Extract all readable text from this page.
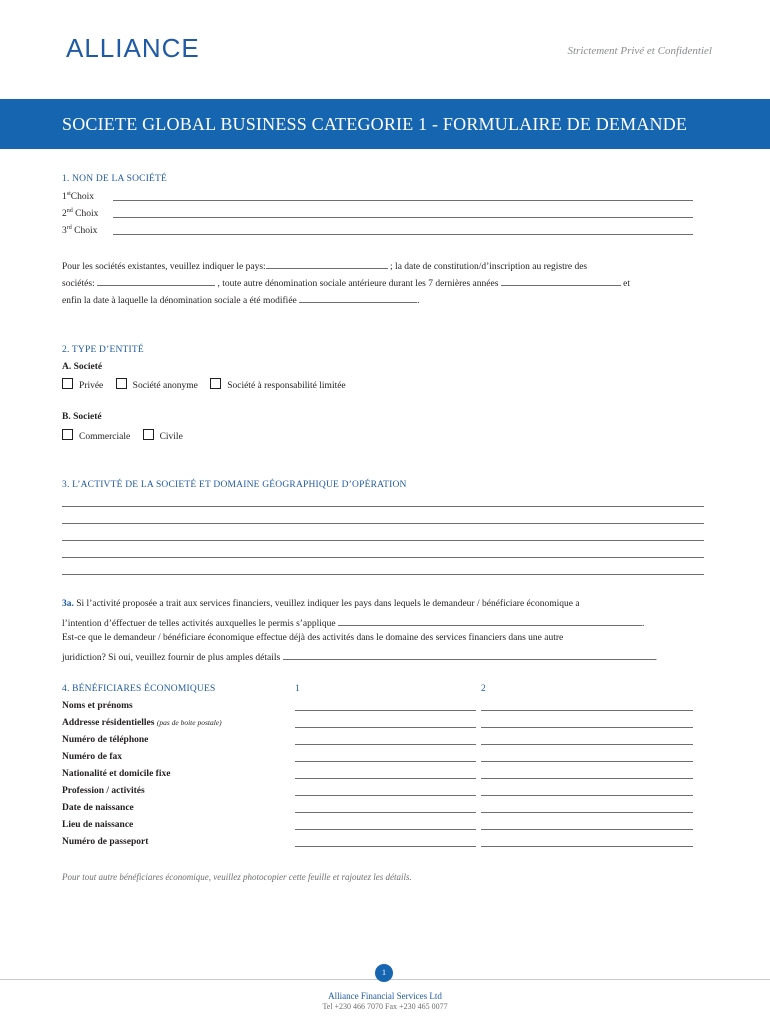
ALLIANCE	Strictement Privé et Confidentiel
SOCIETE GLOBAL BUSINESS CATEGORIE 1 - FORMULAIRE DE DEMANDE
1. NON DE LA SOCIÉTÉ
1stChoix
2nd Choix
3rd Choix
Pour les sociétés existantes, veuillez indiquer le pays:	; la date de constitution/d’inscription au registre des
sociétés:	, toute autre dénomination sociale antérieure durant les 7 dernières années	et
enfin la date à laquelle la dénomination sociale a été modifiée	.
2. TYPE D’ENTITÉ
A. Societé
Privée	Société anonyme	Société à responsabilité limitée
B. Societé
Commerciale	Civile
3. L’ACTIVTÉ DE LA SOCIETÉ ET DOMAINE GÉOGRAPHIQUE D’OPÉRATION
3a. Si l’activité proposée a trait aux services financiers, veuillez indiquer les pays dans lequels le demandeur / bénéficiare économique a
l’intention d’éffectuer de telles activités auxquelles le permis s’applique	.
Est-ce que le demandeur / bénéficiare économique effectue déjà des activités dans le domaine des services financiers dans une autre
juridiction? Si oui, veuillez fournir de plus amples détails	.
4. BÉNÉFICIARES ÉCONOMIQUES	1	2
Noms et prénoms
Addresse résidentielles (pas de boite postale)
Numéro de téléphone
Numéro de fax
Nationalité et domicile fixe
Profession / activités
Date de naissance
Lieu de naissance
Numéro de passeport
Pour tout autre bénéficiares économique, veuillez photocopier cette feuille et rajoutez les détails.
1
Alliance Financial Services Ltd
Tel +230 466 7070 Fax +230 465 0077
